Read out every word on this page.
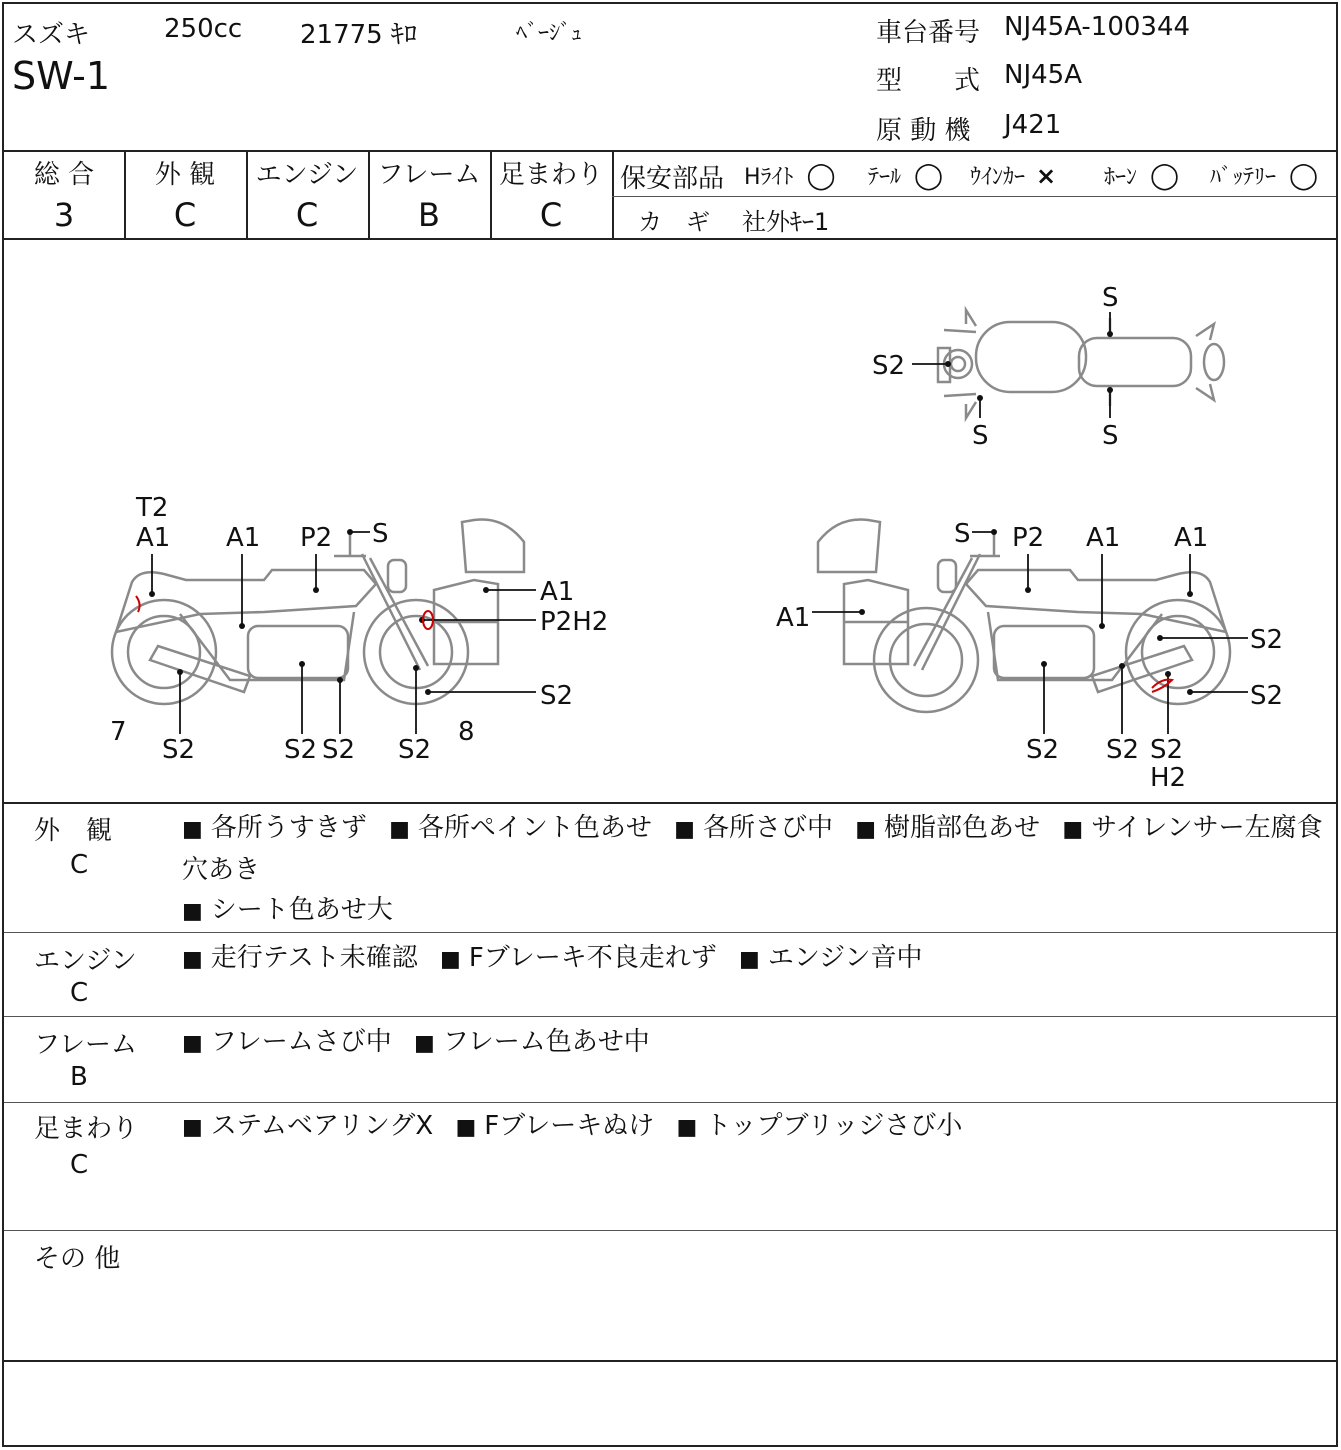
スズキ	250cc 21775 ｷﾛ	ﾍﾞｰｼﾞｭ
SW-1
車台番号 NJ45A-100344
型　　式 NJ45A
原 動 機 J421
総 合
3
外 観
C
エンジン
C
フレーム
B
足まわり
C
保安部品 Hﾗｲﾄ ◯ ﾃｰﾙ ◯ ｳｲﾝｶｰ × ﾎｰﾝ ◯ ﾊﾞｯﾃﾘｰ ◯
カ　ギ 社外ｷｰ1
S2
S
S	S
T2
A1 A1 P2 S
A1
P2H2
S2
7
S2	S2 S2 S2
8
S P2 A1 A1
A1
S2
S2
S2 S2 S2
H2
外　観
C
■ 各所うすきず ■ 各所ペイント色あせ ■ 各所さび中 ■ 樹脂部色あせ ■ サイレンサー左腐食穴あき
■ シート色あせ大
エンジン
C
■ 走行テスト未確認 ■ Fブレーキ不良走れず ■ エンジン音中
フレーム
B
■ フレームさび中 ■ フレーム色あせ中
足まわり
C
■ ステムベアリングX ■ Fブレーキぬけ ■ トップブリッジさび小
その 他
